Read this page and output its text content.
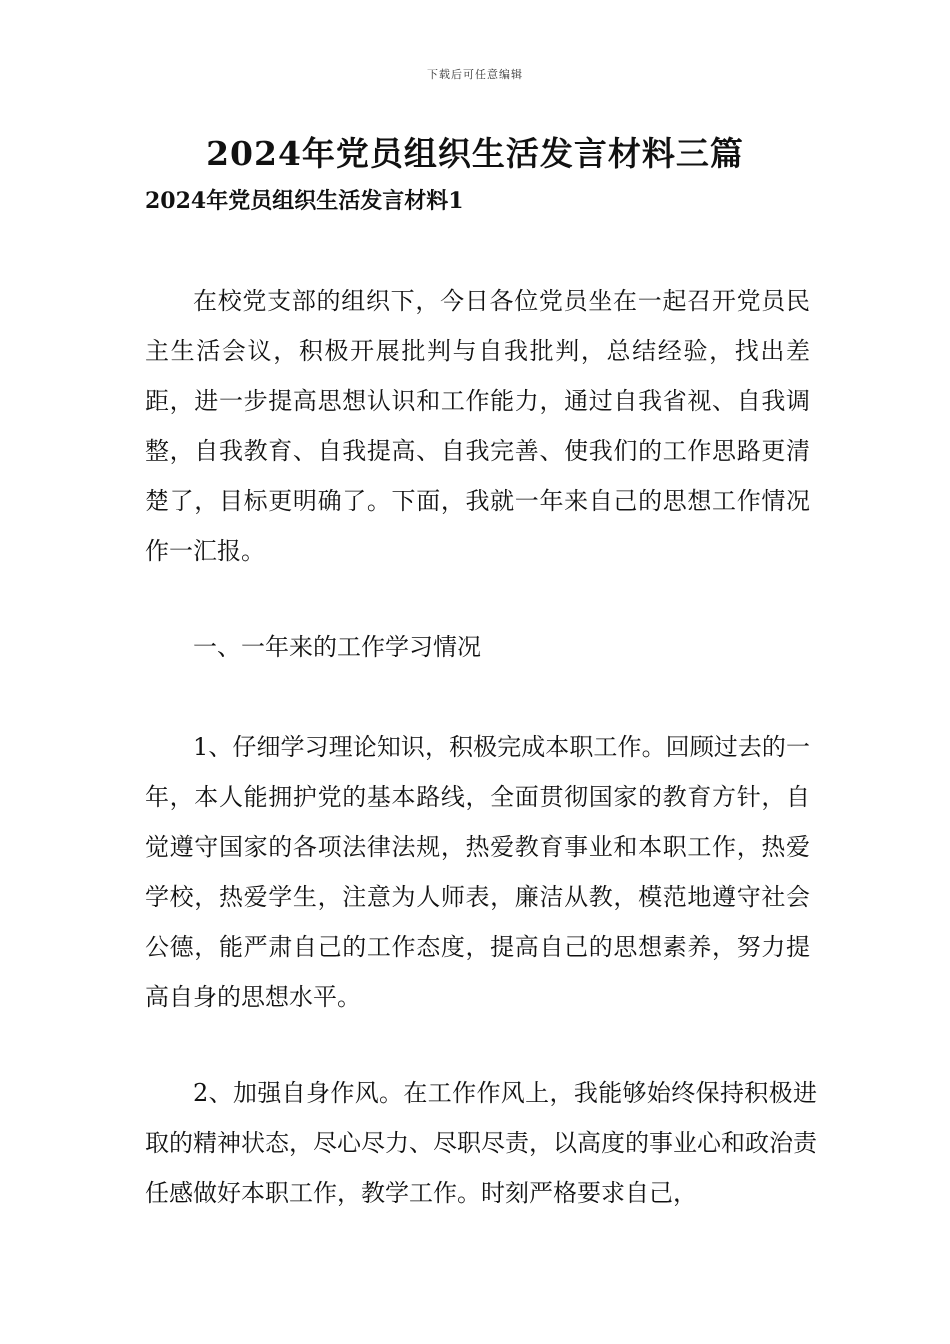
下载后可任意编辑
2024年党员组织生活发言材料三篇
2024年党员组织生活发言材料1

在校党支部的组织下，今日各位党员坐在一起召开党员民主生活会议，积极开展批判与自我批判，总结经验，找出差距，进一步提高思想认识和工作能力，通过自我省视、自我调整，自我教育、自我提高、自我完善、使我们的工作思路更清楚了，目标更明确了。下面，我就一年来自己的思想工作情况作一汇报。

一、一年来的工作学习情况

1、仔细学习理论知识，积极完成本职工作。回顾过去的一年，本人能拥护党的基本路线，全面贯彻国家的教育方针，自觉遵守国家的各项法律法规，热爱教育事业和本职工作，热爱学校，热爱学生，注意为人师表，廉洁从教，模范地遵守社会公德，能严肃自己的工作态度，提高自己的思想素养，努力提高自身的思想水平。

2、加强自身作风。在工作作风上，我能够始终保持积极进取的精神状态，尽心尽力、尽职尽责，以高度的事业心和政治责任感做好本职工作，教学工作。时刻严格要求自己，
